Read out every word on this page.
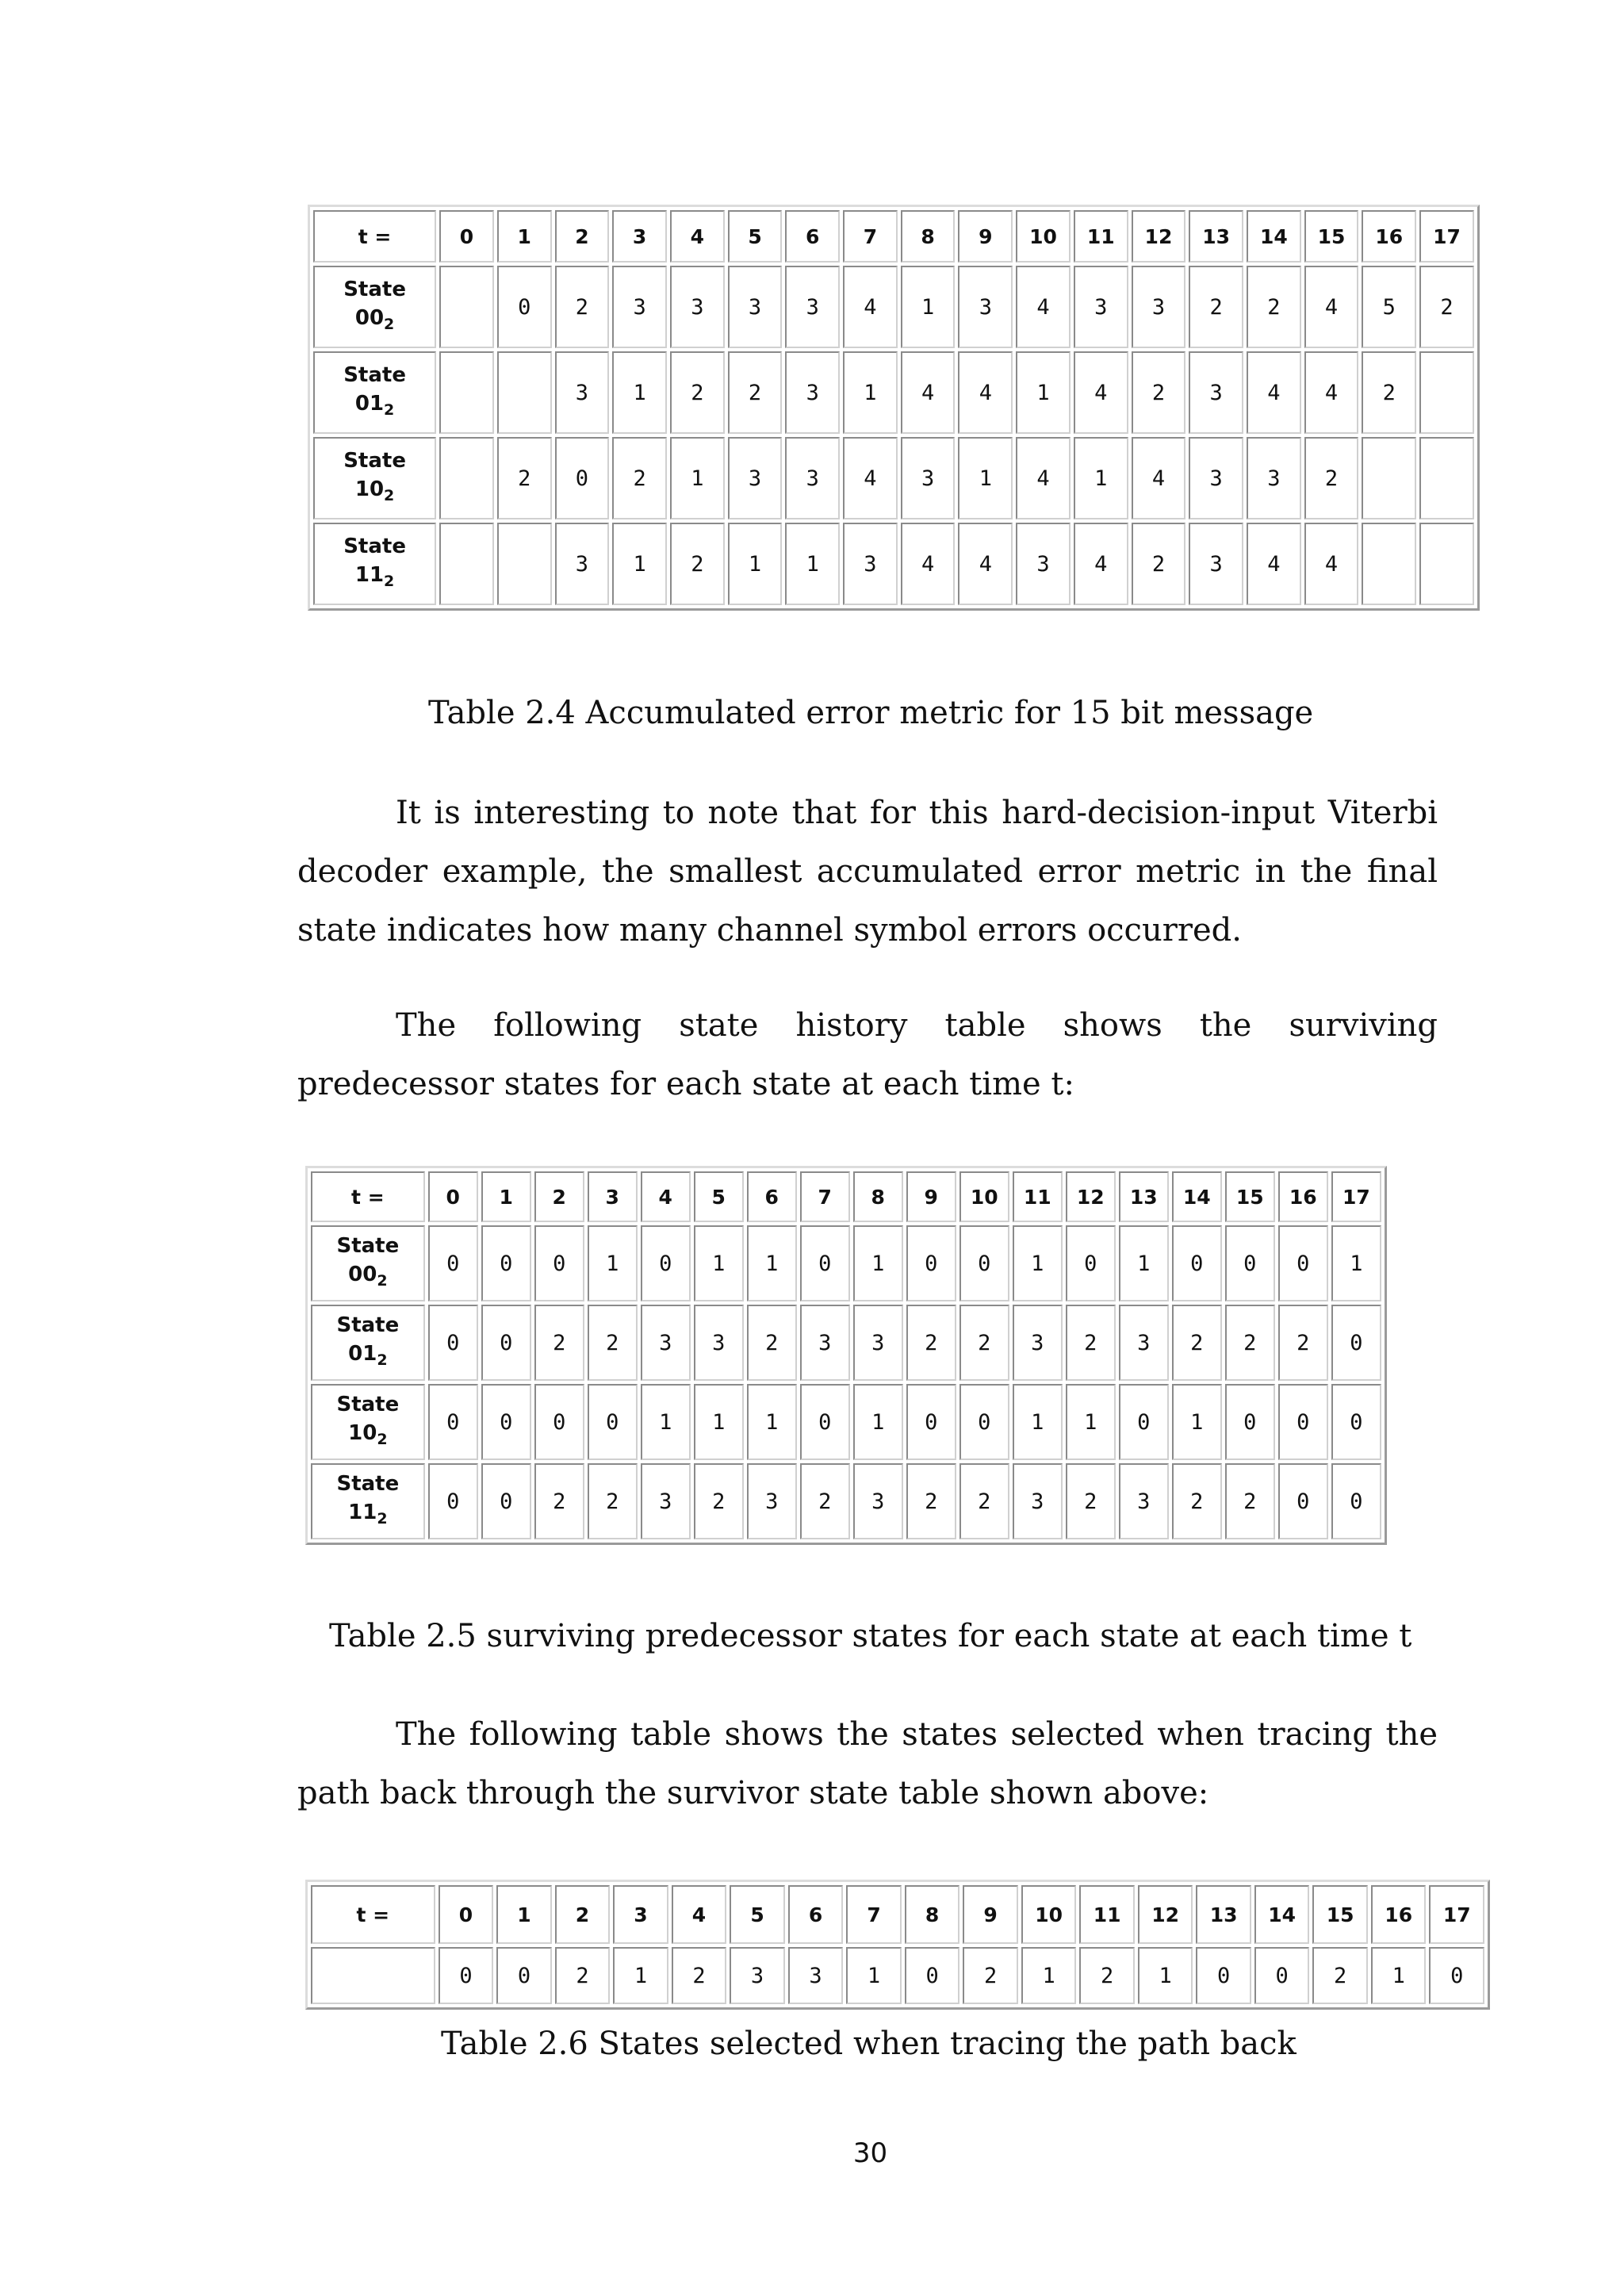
t =	0	1	2	3	4	5	6	7	8	9	10	11	12	13	14	15	16	17
State
$00_2$		0	2	3	3	3	3	4	1	3	4	3	3	2	2	4	5	2
State
$01_2$			3	1	2	2	3	1	4	4	1	4	2	3	4	4	2	
State
$10_2$		2	0	2	1	3	3	4	3	1	4	1	4	3	3	2		
State
$11_2$			3	1	2	1	1	3	4	4	3	4	2	3	4	4		
Table 2.4 Accumulated error metric for 15 bit message

It is interesting to note that for this hard-decision-input Viterbi decoder example, the smallest accumulated error metric in the final state indicates how many channel symbol errors occurred.

The following state history table shows the surviving predecessor states for each state at each time t:

t =	0	1	2	3	4	5	6	7	8	9	10	11	12	13	14	15	16	17
State
$00_2$	0	0	0	1	0	1	1	0	1	0	0	1	0	1	0	0	0	1
State
$01_2$	0	0	2	2	3	3	2	3	3	2	2	3	2	3	2	2	2	0
State
$10_2$	0	0	0	0	1	1	1	0	1	0	0	1	1	0	1	0	0	0
State
$11_2$	0	0	2	2	3	2	3	2	3	2	2	3	2	3	2	2	0	0
Table 2.5 surviving predecessor states for each state at each time t

The following table shows the states selected when tracing the path back through the survivor state table shown above:

t =	0	1	2	3	4	5	6	7	8	9	10	11	12	13	14	15	16	17
	0	0	2	1	2	3	3	1	0	2	1	2	1	0	0	2	1	0
Table 2.6 States selected when tracing the path back
30
